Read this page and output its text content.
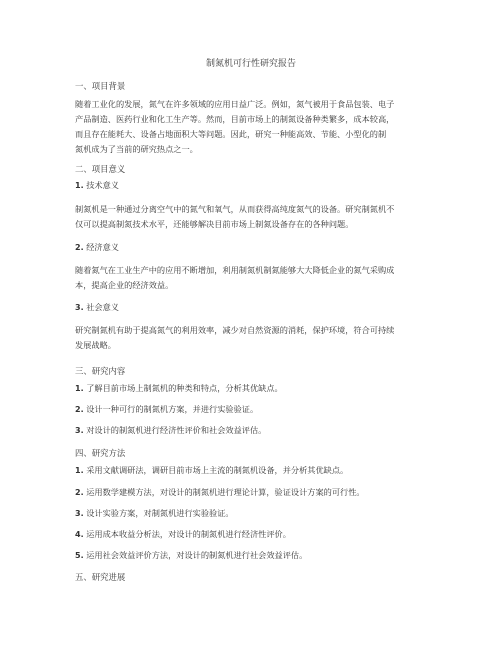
制氮机可行性研究报告
一、项目背景
随着工业化的发展，氮气在许多领域的应用日益广泛。例如，氮气被用于食品包装、电子
产品制造、医药行业和化工生产等。然而，目前市场上的制氮设备种类繁多，成本较高，
而且存在能耗大、设备占地面积大等问题。因此，研究一种能高效、节能、小型化的制
氮机成为了当前的研究热点之一。
二、项目意义
1. 技术意义
制氮机是一种通过分离空气中的氮气和氧气，从而获得高纯度氮气的设备。研究制氮机不
仅可以提高制氮技术水平，还能够解决目前市场上制氮设备存在的各种问题。
2. 经济意义
随着氮气在工业生产中的应用不断增加，利用制氮机制氮能够大大降低企业的氮气采购成
本，提高企业的经济效益。
3. 社会意义
研究制氮机有助于提高氮气的利用效率，减少对自然资源的消耗，保护环境，符合可持续
发展战略。
三、研究内容
1. 了解目前市场上制氮机的种类和特点，分析其优缺点。
2. 设计一种可行的制氮机方案，并进行实验验证。
3. 对设计的制氮机进行经济性评价和社会效益评估。
四、研究方法
1. 采用文献调研法，调研目前市场上主流的制氮机设备，并分析其优缺点。
2. 运用数学建模方法，对设计的制氮机进行理论计算，验证设计方案的可行性。
3. 设计实验方案，对制氮机进行实验验证。
4. 运用成本收益分析法，对设计的制氮机进行经济性评价。
5. 运用社会效益评价方法，对设计的制氮机进行社会效益评估。
五、研究进展
